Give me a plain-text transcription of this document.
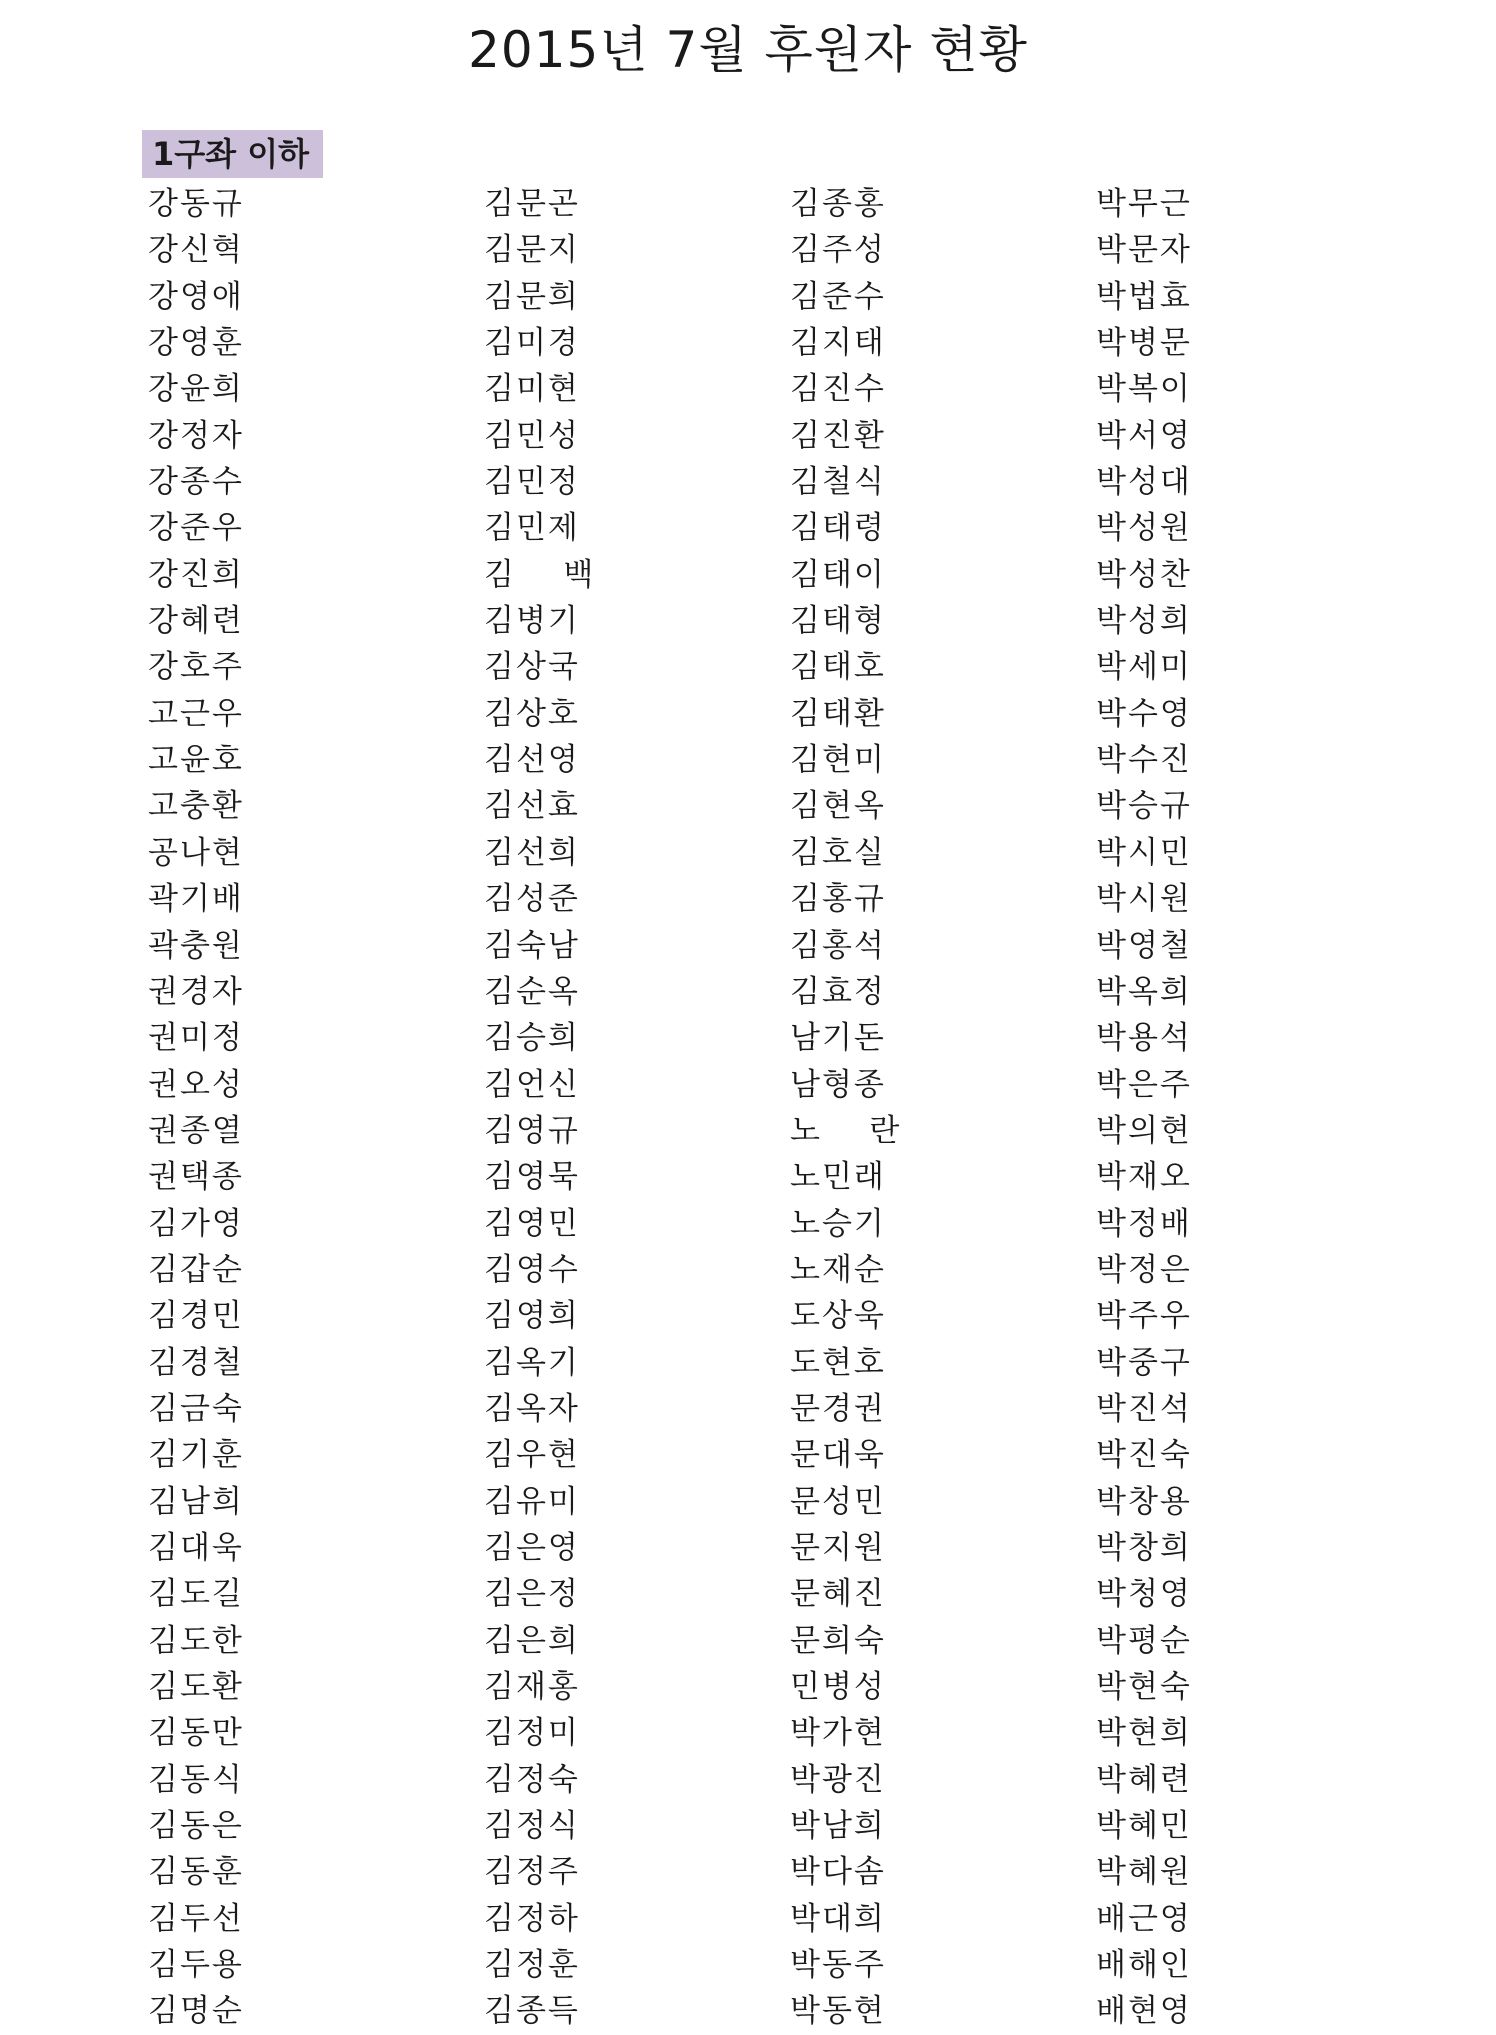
2015년 7월 후원자 현황
1구좌 이하
강동규
강신혁
강영애
강영훈
강윤희
강정자
강종수
강준우
강진희
강혜련
강호주
고근우
고윤호
고충환
공나현
곽기배
곽충원
권경자
권미정
권오성
권종열
권택종
김가영
김갑순
김경민
김경철
김금숙
김기훈
김남희
김대욱
김도길
김도한
김도환
김동만
김동식
김동은
김동훈
김두선
김두용
김명순
김문곤
김문지
김문희
김미경
김미현
김민성
김민정
김민제
김    백
김병기
김상국
김상호
김선영
김선효
김선희
김성준
김숙남
김순옥
김승희
김언신
김영규
김영묵
김영민
김영수
김영희
김옥기
김옥자
김우현
김유미
김은영
김은정
김은희
김재홍
김정미
김정숙
김정식
김정주
김정하
김정훈
김종득
김종홍
김주성
김준수
김지태
김진수
김진환
김철식
김태령
김태이
김태형
김태호
김태환
김현미
김현옥
김호실
김홍규
김홍석
김효정
남기돈
남형종
노    란
노민래
노승기
노재순
도상욱
도현호
문경권
문대욱
문성민
문지원
문혜진
문희숙
민병성
박가현
박광진
박남희
박다솜
박대희
박동주
박동현
박무근
박문자
박법효
박병문
박복이
박서영
박성대
박성원
박성찬
박성희
박세미
박수영
박수진
박승규
박시민
박시원
박영철
박옥희
박용석
박은주
박의현
박재오
박정배
박정은
박주우
박중구
박진석
박진숙
박창용
박창희
박청영
박평순
박현숙
박현희
박혜련
박혜민
박혜원
배근영
배해인
배현영
